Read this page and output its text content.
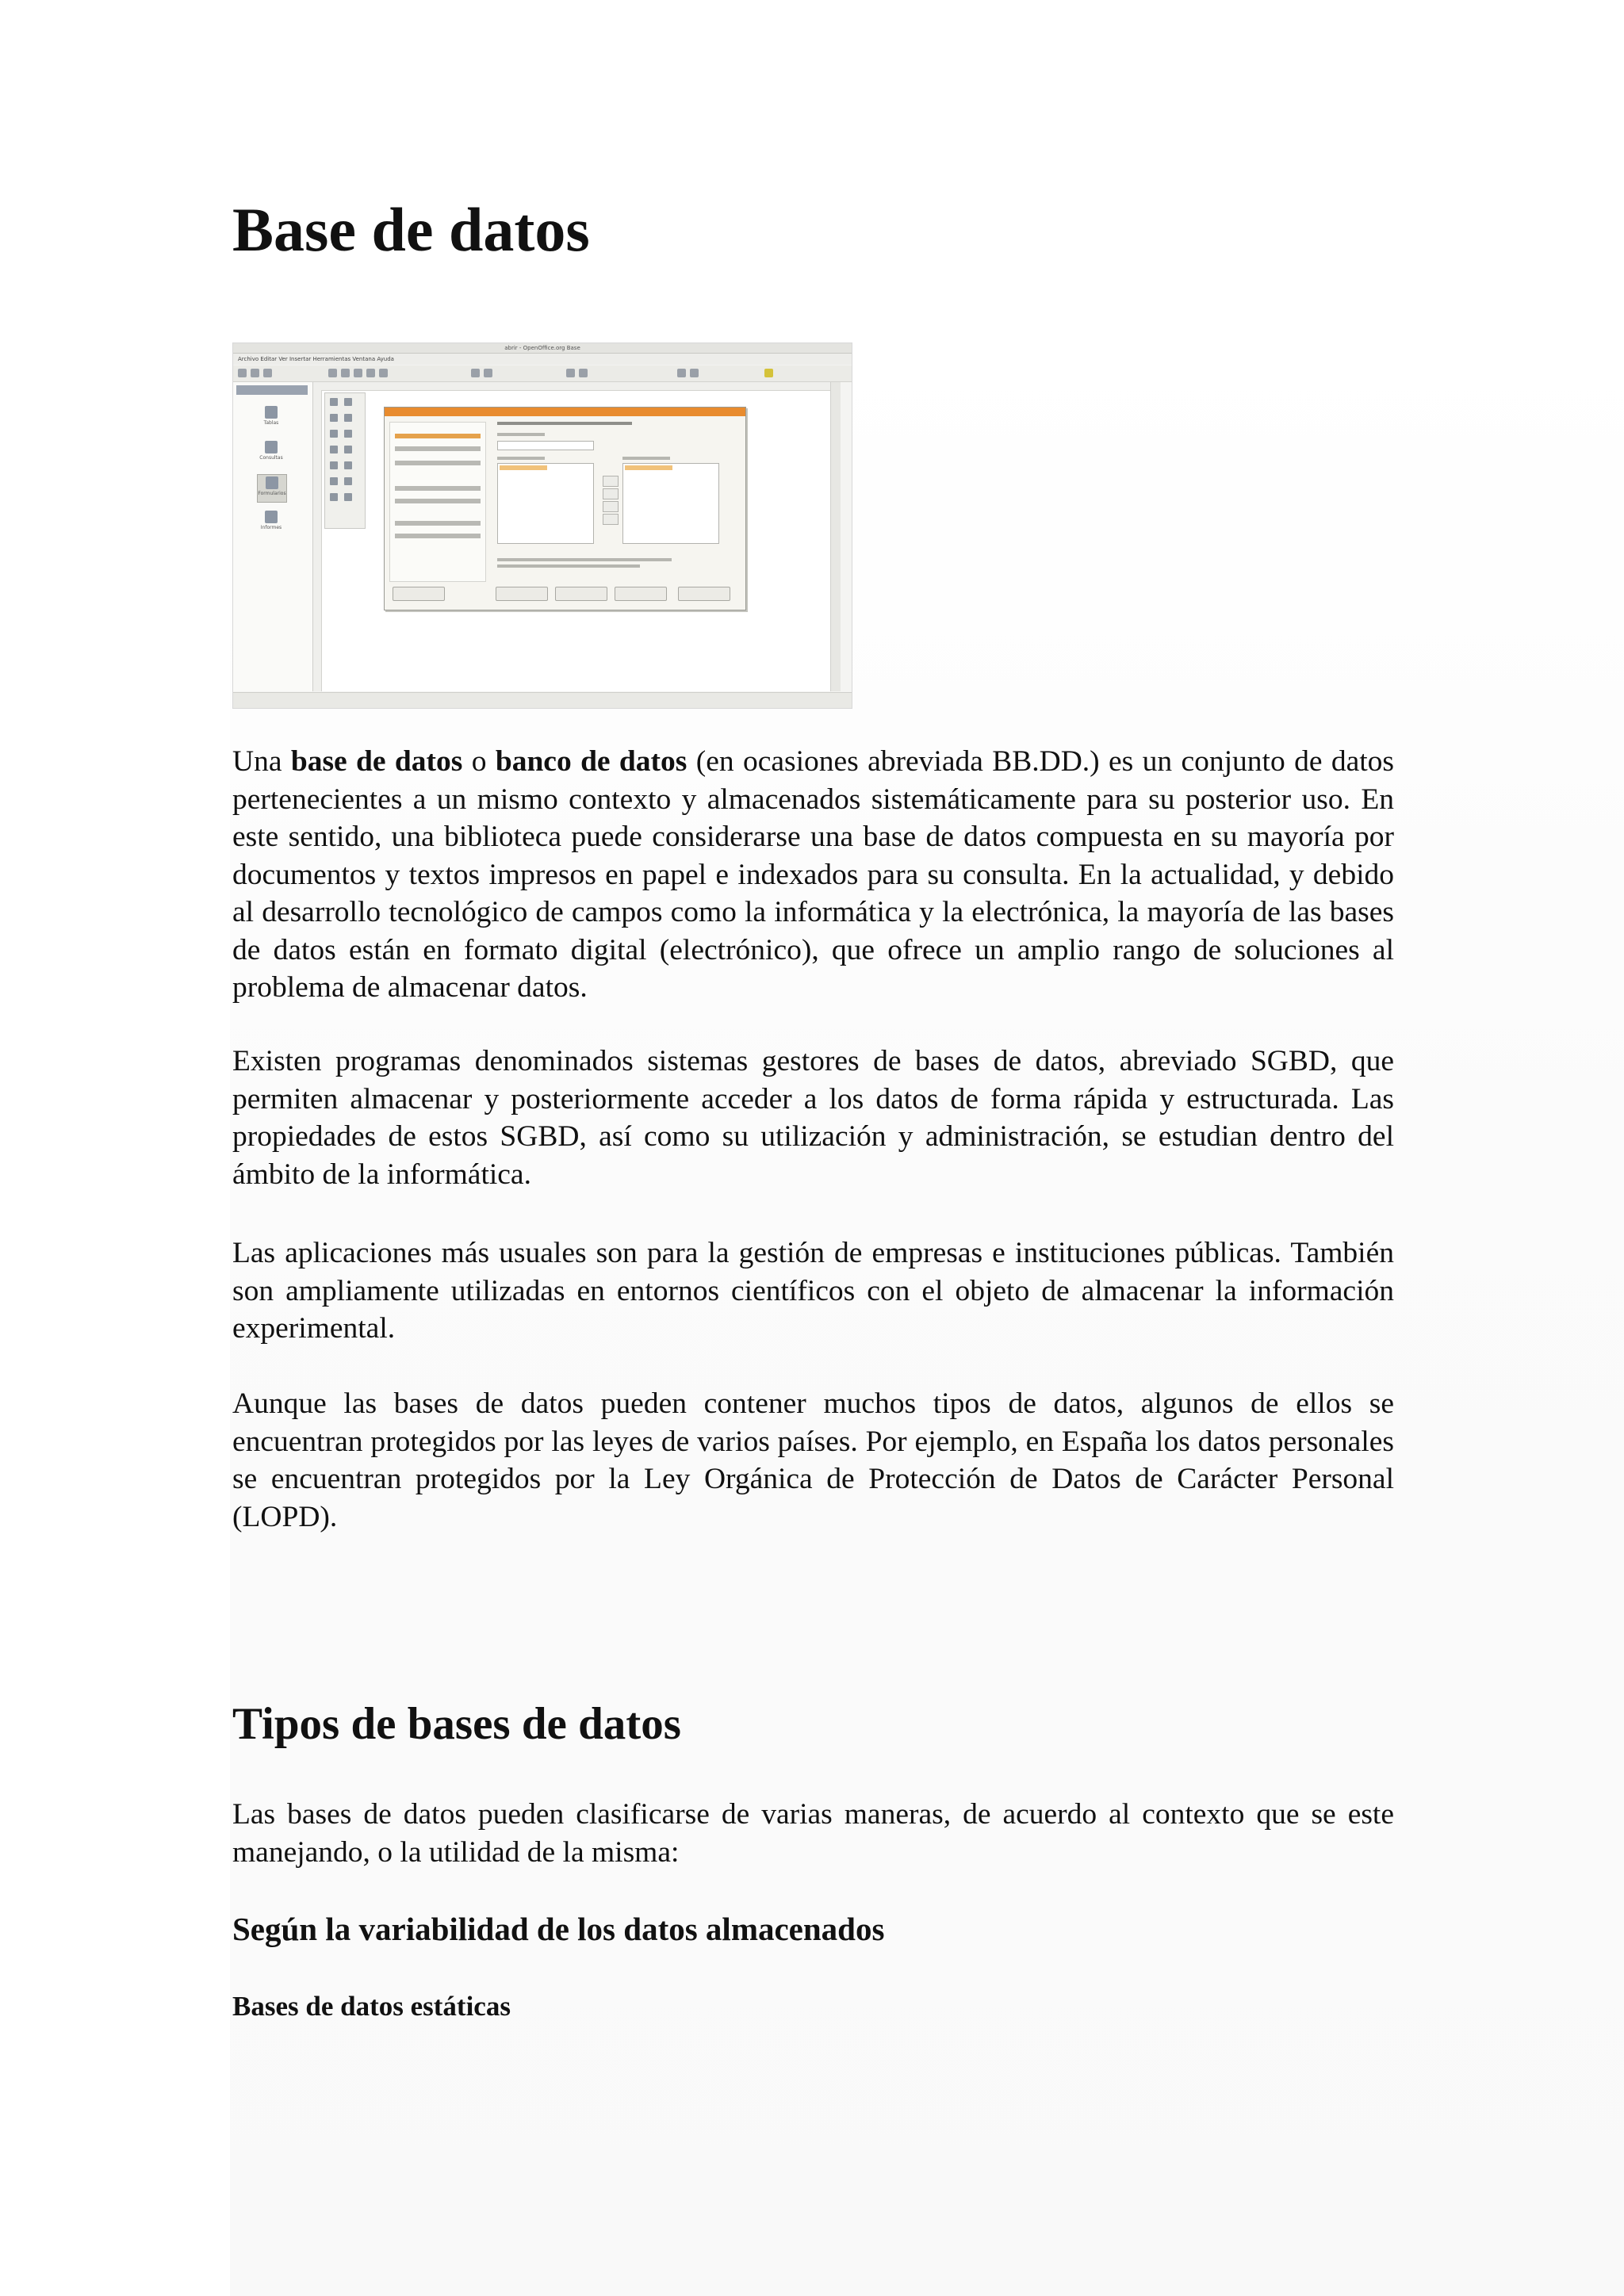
Base de datos
abrir - OpenOffice.org Base
Archivo Editar Ver Insertar Herramientas Ventana Ayuda
Tablas
Consultas
Formularios
Informes

Una base de datos o banco de datos (en ocasiones abreviada BB.DD.) es un conjunto de datos pertenecientes a un mismo contexto y almacenados sistemáticamente para su posterior uso. En este sentido, una biblioteca puede considerarse una base de datos compuesta en su mayoría por documentos y textos impresos en papel e indexados para su consulta. En la actualidad, y debido al desarrollo tecnológico de campos como la informática y la electrónica, la mayoría de las bases de datos están en formato digital (electrónico), que ofrece un amplio rango de soluciones al problema de almacenar datos.

Existen programas denominados sistemas gestores de bases de datos, abreviado SGBD, que permiten almacenar y posteriormente acceder a los datos de forma rápida y estructurada. Las propiedades de estos SGBD, así como su utilización y administración, se estudian dentro del ámbito de la informática.

Las aplicaciones más usuales son para la gestión de empresas e instituciones públicas. También son ampliamente utilizadas en entornos científicos con el objeto de almacenar la información experimental.

Aunque las bases de datos pueden contener muchos tipos de datos, algunos de ellos se encuentran protegidos por las leyes de varios países. Por ejemplo, en España los datos personales se encuentran protegidos por la Ley Orgánica de Protección de Datos de Carácter Personal (LOPD).

Tipos de bases de datos

Las bases de datos pueden clasificarse de varias maneras, de acuerdo al contexto que se este manejando, o la utilidad de la misma:

Según la variabilidad de los datos almacenados
Bases de datos estáticas
